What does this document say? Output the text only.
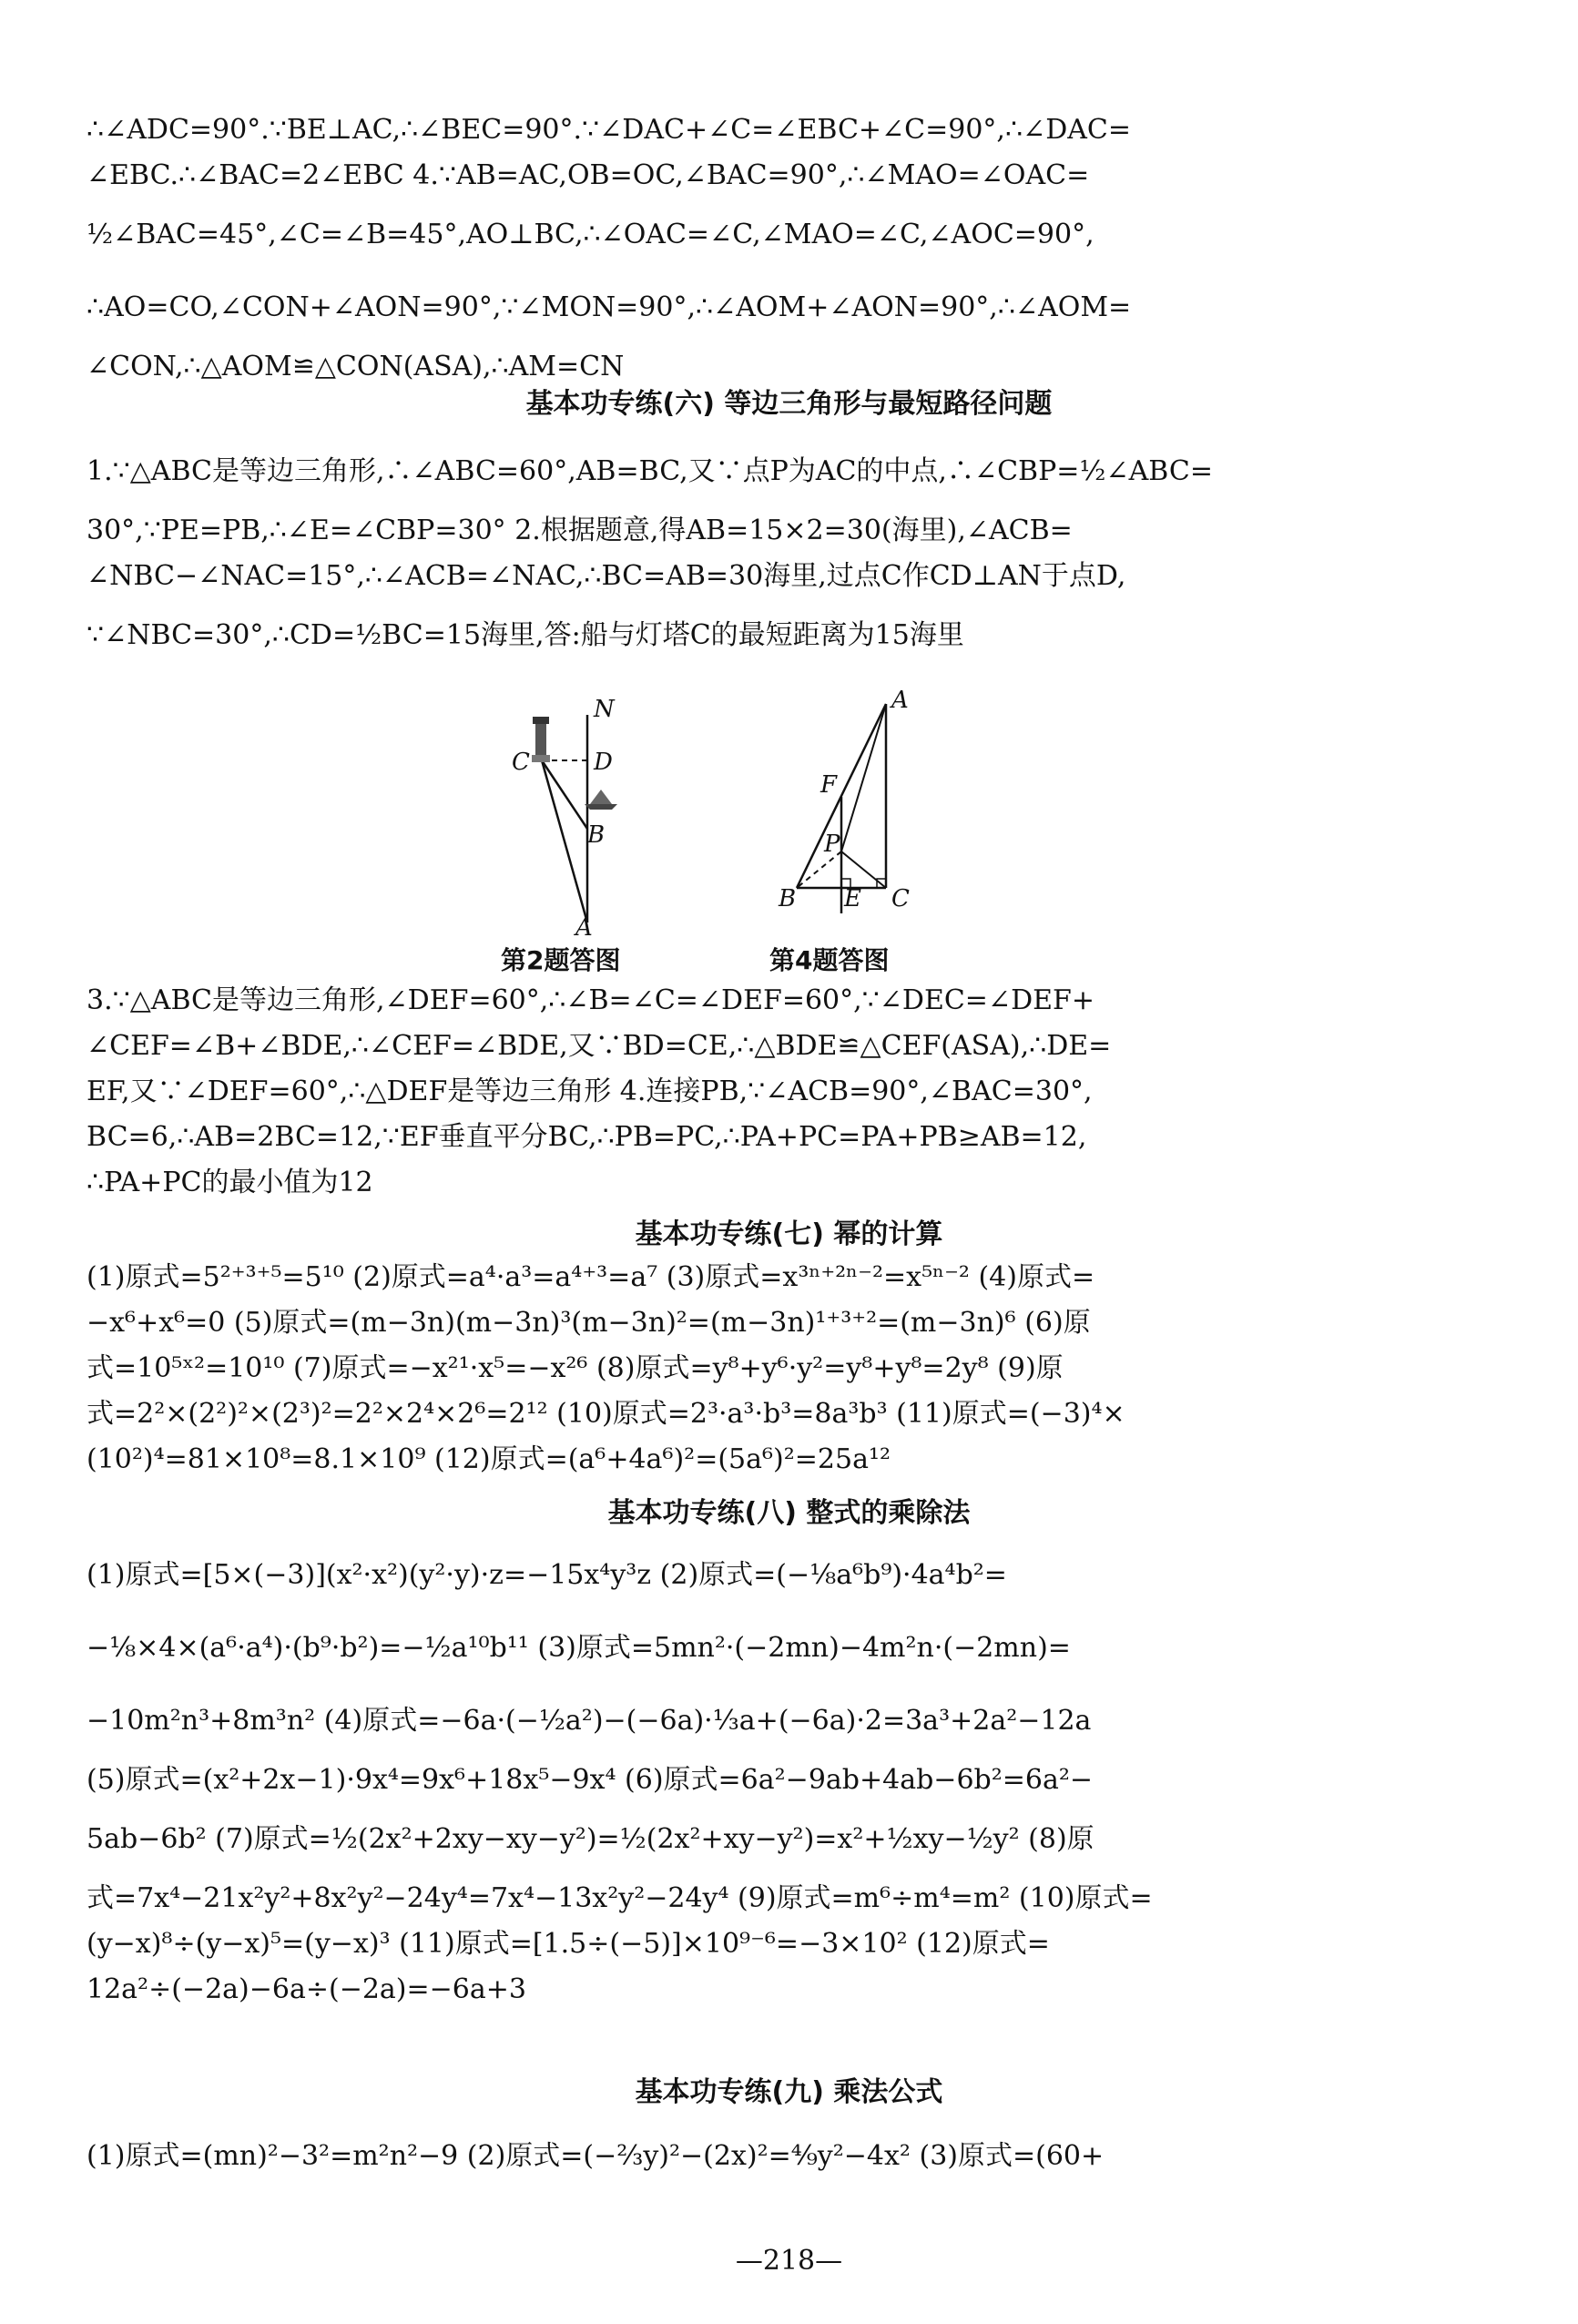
∴∠ADC=90°.∵BE⊥AC,∴∠BEC=90°.∵∠DAC+∠C=∠EBC+∠C=90°,∴∠DAC=
∠EBC.∴∠BAC=2∠EBC 4.∵AB=AC,OB=OC,∠BAC=90°,∴∠MAO=∠OAC=
½∠BAC=45°,∠C=∠B=45°,AO⊥BC,∴∠OAC=∠C,∠MAO=∠C,∠AOC=90°,
∴AO=CO,∠CON+∠AON=90°,∵∠MON=90°,∴∠AOM+∠AON=90°,∴∠AOM=
∠CON,∴△AOM≌△CON(ASA),∴AM=CN
基本功专练(六) 等边三角形与最短路径问题
1.∵△ABC是等边三角形,∴∠ABC=60°,AB=BC,又∵点P为AC的中点,∴∠CBP=½∠ABC=
30°,∵PE=PB,∴∠E=∠CBP=30° 2.根据题意,得AB=15×2=30(海里),∠ACB=
∠NBC−∠NAC=15°,∴∠ACB=∠NAC,∴BC=AB=30海里,过点C作CD⊥AN于点D,
∵∠NBC=30°,∴CD=½BC=15海里,答:船与灯塔C的最短距离为15海里
N
C	D
B
A
第2题答图
A
F
P
B E C
第4题答图
3.∵△ABC是等边三角形,∠DEF=60°,∴∠B=∠C=∠DEF=60°,∵∠DEC=∠DEF+
∠CEF=∠B+∠BDE,∴∠CEF=∠BDE,又∵BD=CE,∴△BDE≌△CEF(ASA),∴DE=
EF,又∵∠DEF=60°,∴△DEF是等边三角形 4.连接PB,∵∠ACB=90°,∠BAC=30°,
BC=6,∴AB=2BC=12,∵EF垂直平分BC,∴PB=PC,∴PA+PC=PA+PB≥AB=12,
∴PA+PC的最小值为12
基本功专练(七) 幂的计算
(1)原式=5²⁺³⁺⁵=5¹⁰ (2)原式=a⁴·a³=a⁴⁺³=a⁷ (3)原式=x³ⁿ⁺²ⁿ⁻²=x⁵ⁿ⁻² (4)原式=
−x⁶+x⁶=0 (5)原式=(m−3n)(m−3n)³(m−3n)²=(m−3n)¹⁺³⁺²=(m−3n)⁶ (6)原
式=10⁵ˣ²=10¹⁰ (7)原式=−x²¹·x⁵=−x²⁶ (8)原式=y⁸+y⁶·y²=y⁸+y⁸=2y⁸ (9)原
式=2²×(2²)²×(2³)²=2²×2⁴×2⁶=2¹² (10)原式=2³·a³·b³=8a³b³ (11)原式=(−3)⁴×
(10²)⁴=81×10⁸=8.1×10⁹ (12)原式=(a⁶+4a⁶)²=(5a⁶)²=25a¹²
基本功专练(八) 整式的乘除法
(1)原式=[5×(−3)](x²·x²)(y²·y)·z=−15x⁴y³z (2)原式=(−⅛a⁶b⁹)·4a⁴b²=
−⅛×4×(a⁶·a⁴)·(b⁹·b²)=−½a¹⁰b¹¹ (3)原式=5mn²·(−2mn)−4m²n·(−2mn)=
−10m²n³+8m³n² (4)原式=−6a·(−½a²)−(−6a)·⅓a+(−6a)·2=3a³+2a²−12a
(5)原式=(x²+2x−1)·9x⁴=9x⁶+18x⁵−9x⁴ (6)原式=6a²−9ab+4ab−6b²=6a²−
5ab−6b² (7)原式=½(2x²+2xy−xy−y²)=½(2x²+xy−y²)=x²+½xy−½y² (8)原
式=7x⁴−21x²y²+8x²y²−24y⁴=7x⁴−13x²y²−24y⁴ (9)原式=m⁶÷m⁴=m² (10)原式=
(y−x)⁸÷(y−x)⁵=(y−x)³ (11)原式=[1.5÷(−5)]×10⁹⁻⁶=−3×10² (12)原式=
12a²÷(−2a)−6a÷(−2a)=−6a+3
基本功专练(九) 乘法公式
(1)原式=(mn)²−3²=m²n²−9 (2)原式=(−⅔y)²−(2x)²=⁴⁄₉y²−4x² (3)原式=(60+
—218—
